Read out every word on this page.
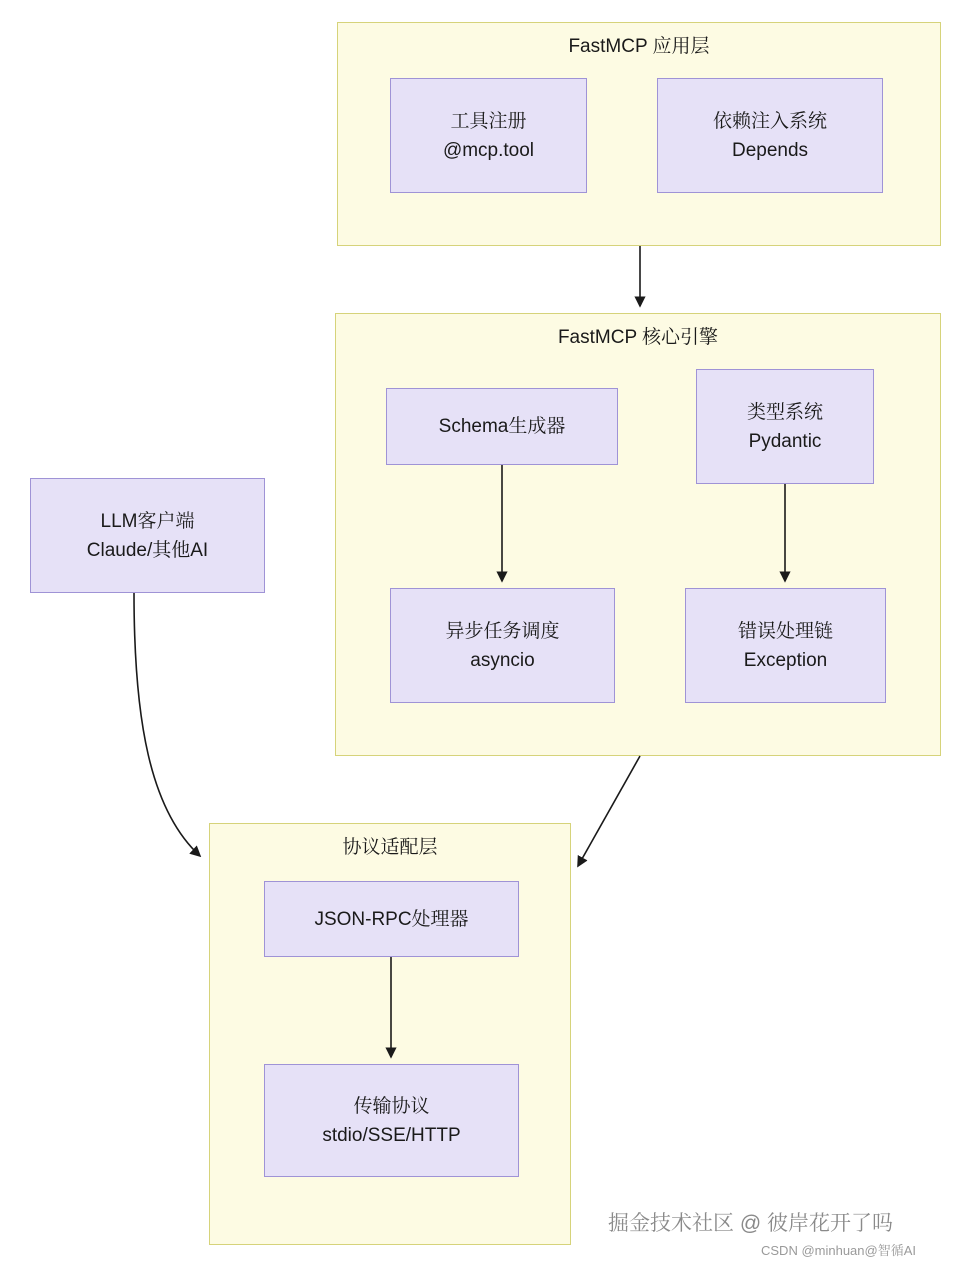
FastMCP 应用层
工具注册
@mcp.tool
依赖注入系统
Depends
FastMCP 核心引擎
Schema生成器
类型系统
Pydantic
异步任务调度
asyncio
错误处理链
Exception
LLM客户端
Claude/其他AI
协议适配层
JSON-RPC处理器
传输协议
stdio/SSE/HTTP
掘金技术社区 @ 彼岸花开了吗
CSDN @minhuan@智循AI
